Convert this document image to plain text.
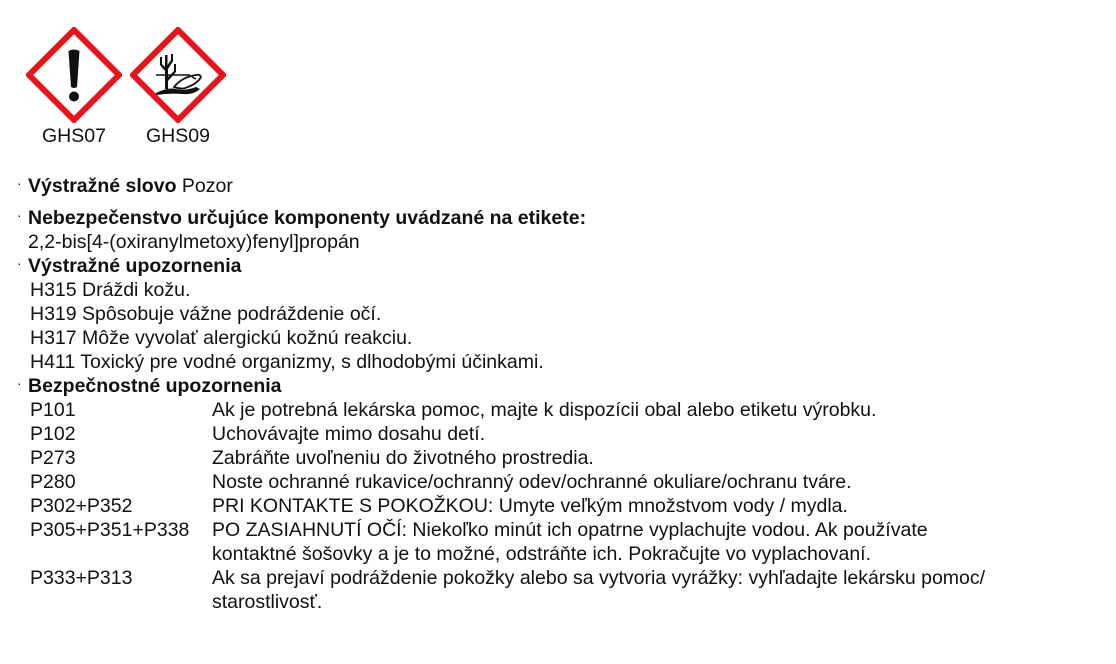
GHS07 GHS09
· Výstražné slovo Pozor
· Nebezpečenstvo určujúce komponenty uvádzané na etikete:
2,2-bis[4-(oxiranylmetoxy)fenyl]propán
· Výstražné upozornenia
H315 Dráždi kožu.
H319 Spôsobuje vážne podráždenie očí.
H317 Môže vyvolať alergickú kožnú reakciu.
H411 Toxický pre vodné organizmy, s dlhodobými účinkami.
· Bezpečnostné upozornenia
P101	Ak je potrebná lekárska pomoc, majte k dispozícii obal alebo etiketu výrobku.
P102	Uchovávajte mimo dosahu detí.
P273	Zabráňte uvoľneniu do životného prostredia.
P280	Noste ochranné rukavice/ochranný odev/ochranné okuliare/ochranu tváre.
P302+P352	PRI KONTAKTE S POKOŽKOU: Umyte veľkým množstvom vody / mydla.
P305+P351+P338 PO ZASIAHNUTÍ OČÍ: Niekoľko minút ich opatrne vyplachujte vodou. Ak používate
kontaktné šošovky a je to možné, odstráňte ich. Pokračujte vo vyplachovaní.
P333+P313	Ak sa prejaví podráždenie pokožky alebo sa vytvoria vyrážky: vyhľadajte lekársku pomoc/
starostlivosť.
